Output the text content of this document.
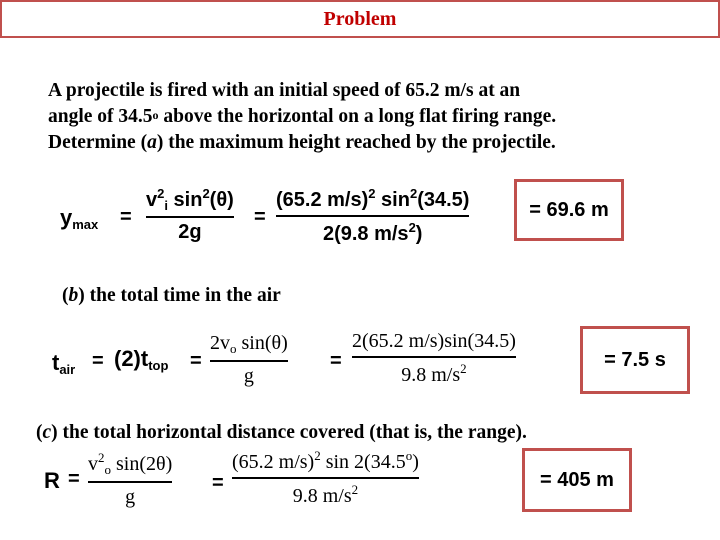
Problem
A projectile is fired with an initial speed of 65.2 m/s at an
angle of 34.5$^o$ above the horizontal on a long flat firing range.
Determine (a) the maximum height reached by the projectile.
$y_{max}$ =
$v^2_i$ $\sin^2(\theta)$
2g
=
(65.2 m/s)$^2$ $\sin^2(34.5)$
2(9.8 $m/s^2$)
= 69.6 m
(b) the total time in the air
$t_{air} = (2)t_{top}$ =
$2v_o$ sin(θ)
g
=
2(65.2 m/s)sin(34.5)
9.8 $m/s^2$	= 7.5 s
(c) the total horizontal distance covered (that is, the range).
R =
$v^2_o$ sin(2θ)
g
=
(65.2 m/s)$^2$ sin 2(34.5$^o$)
9.8 $m/s^2$	= 405 m
